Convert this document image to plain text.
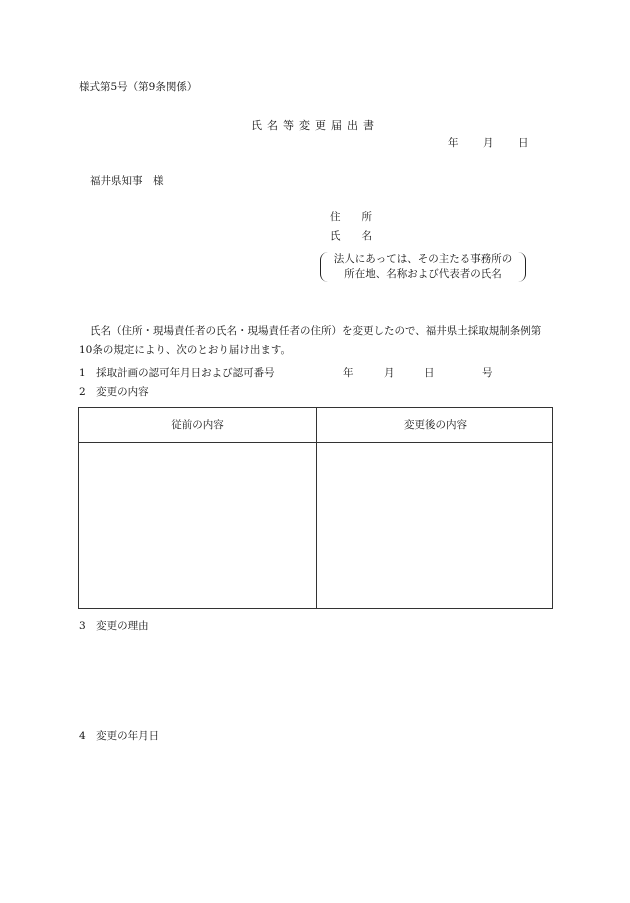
様式第5号（第9条関係）
氏名等変更届出書
年 月 日
福井県知事　様
住　　所
氏　　名
法人にあっては、その主たる事務所の
所在地、名称および代表者の氏名
氏名（住所・現場責任者の氏名・現場責任者の住所）を変更したので、福井県土採取規制条例第10条の規定により、次のとおり届け出ます。
1　採取計画の認可年月日および認可番号	年	月	日	号
2　変更の内容
従前の内容	変更後の内容
3　変更の理由
4　変更の年月日
